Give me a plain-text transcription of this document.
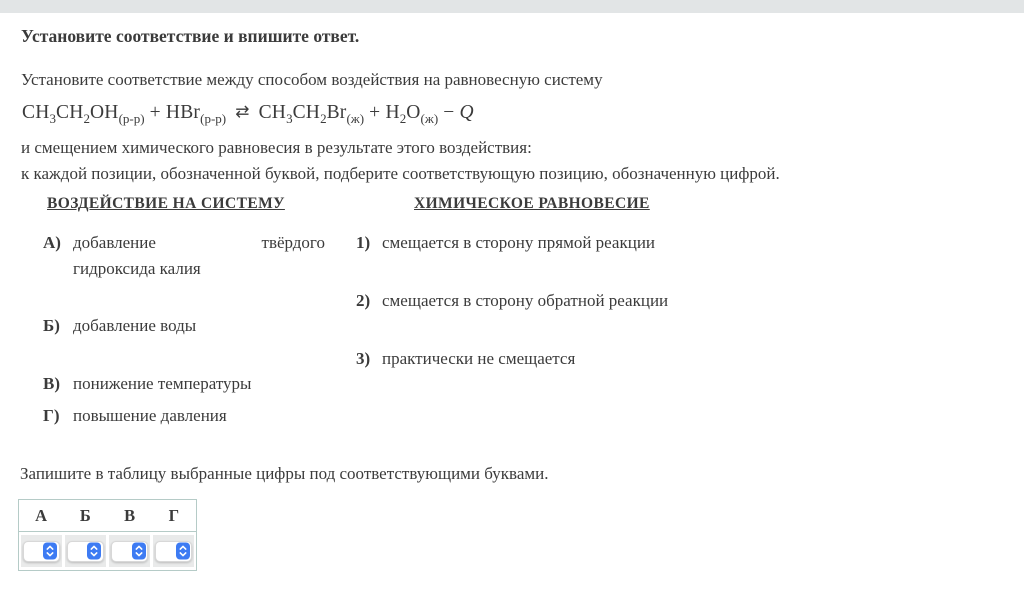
Установите соответствие и впишите ответ.
Установите соответствие между способом воздействия на равновесную систему
$CH_3CH_2OH_{(р-р)} + HBr_{(р-р)}$ ⇄ $CH_3CH_2Br_{(ж)} + H_2O_{(ж)} - Q$
и смещением химического равновесия в результате этого воздействия:
к каждой позиции, обозначенной буквой, подберите соответствующую позицию, обозначенную цифрой.
ВОЗДЕЙСТВИЕ НА СИСТЕМУ	ХИМИЧЕСКОЕ РАВНОВЕСИЕ
А) добавление твёрдого
гидроксида калия
Б) добавление воды
В) понижение температуры
Г) повышение давления
1) смещается в сторону прямой реакции
2) смещается в сторону обратной реакции
3) практически не смещается
Запишите в таблицу выбранные цифры под соответствующими буквами.
А	Б	В	Г
